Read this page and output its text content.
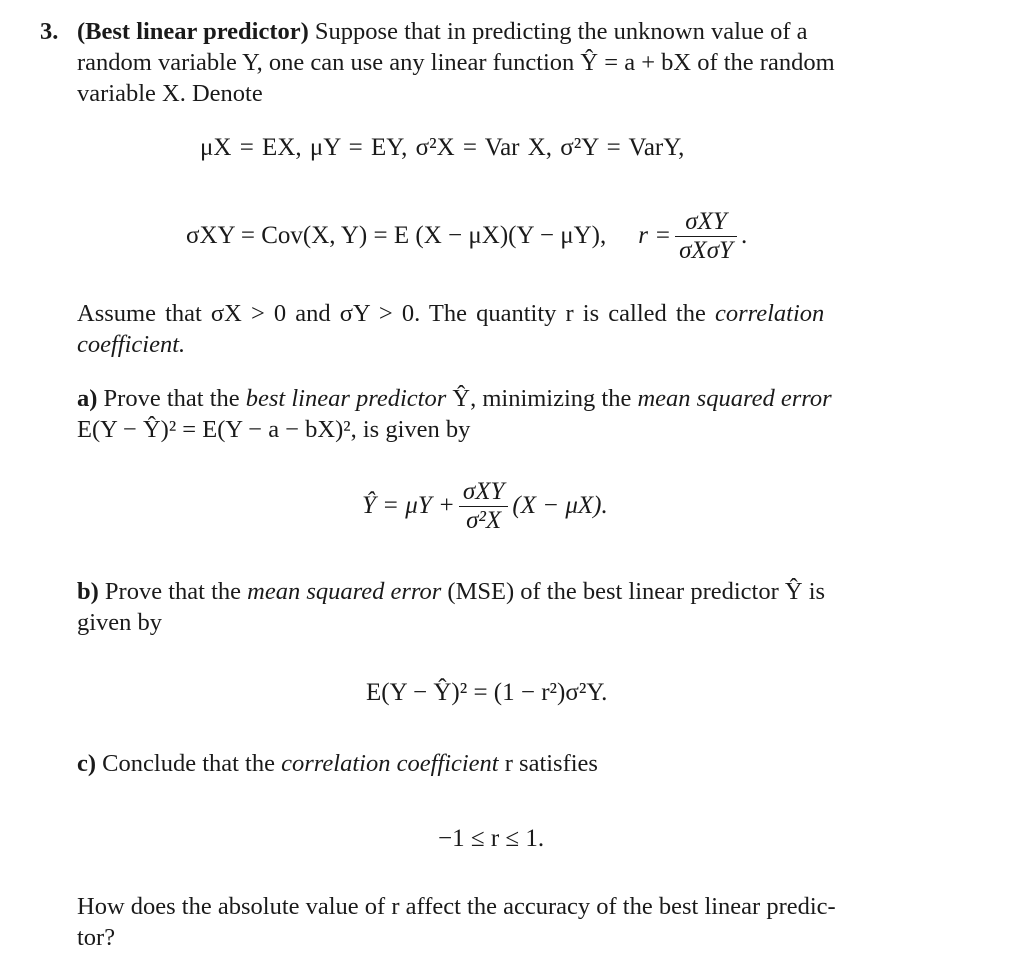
3. (Best linear predictor) Suppose that in predicting the unknown value of a
random variable Y, one can use any linear function Ŷ = a + bX of the random
variable X. Denote
μX = EX, μY = EY, σ²X = Var X, σ²Y = VarY,
σXY = Cov(X, Y) = E (X − μX)(Y − μY), $r = \frac{\text{σXY}}{\text{σXσY}}$ .
Assume that σX > 0 and σY > 0. The quantity r is called the correlation
coefficient.
a) Prove that the best linear predictor Ŷ, minimizing the mean squared error
E(Y − Ŷ)² = E(Y − a − bX)², is given by
Ŷ = $\mu Y + \frac{\text{σXY}}{\text{σ²X}} (X - \mu X)$.
b) Prove that the mean squared error (MSE) of the best linear predictor Ŷ is
given by
E(Y − Ŷ)² = (1 − r²)σ²Y.
c) Conclude that the correlation coefficient r satisfies
−1 ≤ r ≤ 1.
How does the absolute value of r affect the accuracy of the best linear predic-
tor?
